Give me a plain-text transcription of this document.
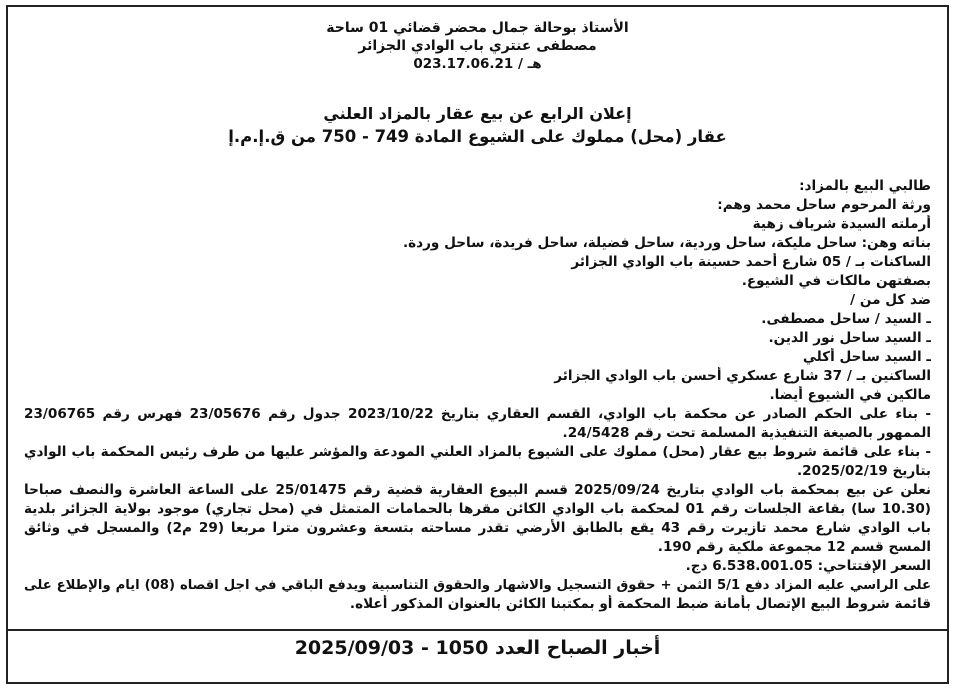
الأستاذ بوحالة جمال محضر قضائي 01 ساحة
مصطفى عنتري باب الوادي الجزائر
هـ / 023.17.06.21
إعلان الرابع عن بيع عقار بالمزاد العلني
عقار (محل) مملوك على الشيوع المادة 749 - 750 من ق.إ.م.إ
طالبي البيع بالمزاد:
ورثة المرحوم ساحل محمد وهم:
أرملته السيدة شرياف زهية
بناته وهن: ساحل مليكة، ساحل وردية، ساحل فضيلة، ساحل فريدة، ساحل وردة.
الساكنات بـ / 05 شارع أحمد حسينة باب الوادي الجزائر
بصفتهن مالكات في الشيوع.
ضد كل من /
ـ السيد / ساحل مصطفى.
ـ السيد ساحل نور الدين.
ـ السيد ساحل أكلي
الساكنين بـ / 37 شارع عسكري أحسن باب الوادي الجزائر
مالكين في الشيوع أيضا.
- بناء على الحكم الصادر عن محكمة باب الوادي، القسم العقاري بتاريخ 2023/10/22 جدول رقم 23/05676 فهرس رقم 23/06765
الممهور بالصيغة التنفيذية المسلمة تحت رقم 24/5428.
- بناء على قائمة شروط بيع عقار (محل) مملوك على الشيوع بالمزاد العلني المودعة والمؤشر عليها من طرف رئيس المحكمة باب الوادي
بتاريخ 2025/02/19.
نعلن عن بيع بمحكمة باب الوادي بتاريخ 2025/09/24 قسم البيوع العقارية قضية رقم 25/01475 على الساعة العاشرة والنصف صباحا
(10.30 سا) بقاعة الجلسات رقم 01 لمحكمة باب الوادي الكائن مقرها بالحمامات المتمثل في (محل تجاري) موجود بولاية الجزائر بلدية
باب الوادي شارع محمد تازيرت رقم 43 يقع بالطابق الأرضي تقدر مساحته بتسعة وعشرون مترا مربعا (29 م2) والمسجل في وثائق
المسح قسم 12 مجموعة ملكية رقم 190.
السعر الإفتتاحي: 6.538.001.05 دج.
على الراسي عليه المزاد دفع 5/1 الثمن + حقوق التسجيل والاشهار والحقوق التناسبية ويدفع الباقي في اجل اقصاه (08) ايام والإطلاع على
قائمة شروط البيع الإتصال بأمانة ضبط المحكمة أو بمكتبنا الكائن بالعنوان المذكور أعلاه.
أخبار الصباح العدد 1050 - 2025/09/03
